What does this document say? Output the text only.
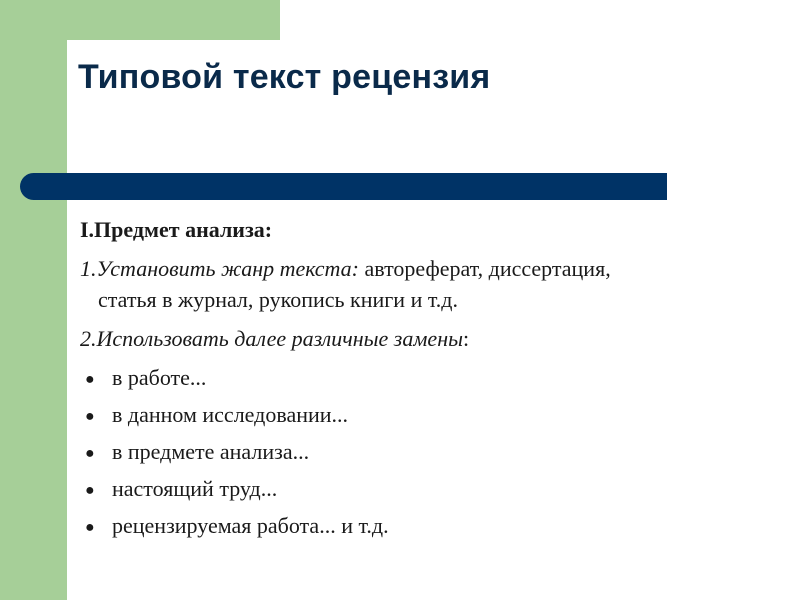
Типовой текст рецензия
I.Предмет анализа:
1.Установить жанр текста: автореферат, диссертация,
статья в журнал, рукопись книги и т.д.
2.Использовать далее различные замены:
● в работе...
● в данном исследовании...
● в предмете анализа...
● настоящий труд...
● рецензируемая работа... и т.д.
